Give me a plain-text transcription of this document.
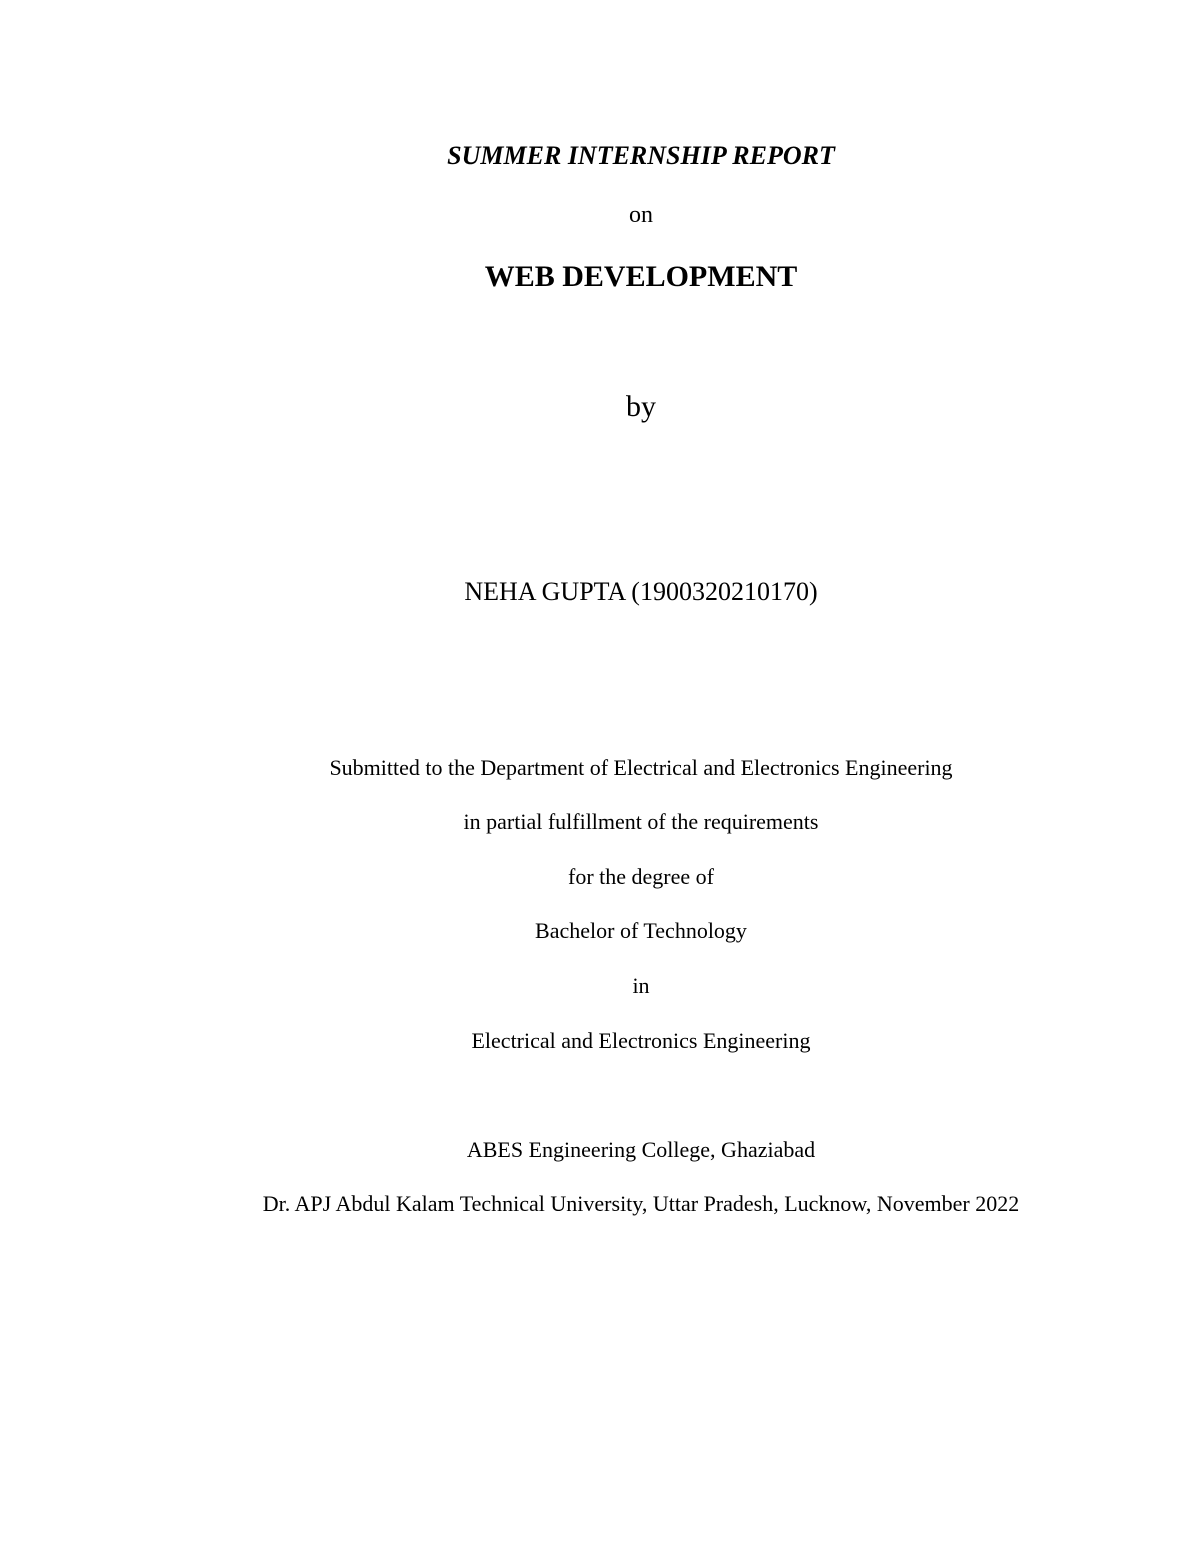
SUMMER INTERNSHIP REPORT
on
WEB DEVELOPMENT
by
NEHA GUPTA (1900320210170)
Submitted to the Department of Electrical and Electronics Engineering
in partial fulfillment of the requirements
for the degree of
Bachelor of Technology
in
Electrical and Electronics Engineering
ABES Engineering College, Ghaziabad
Dr. APJ Abdul Kalam Technical University, Uttar Pradesh, Lucknow, November 2022
